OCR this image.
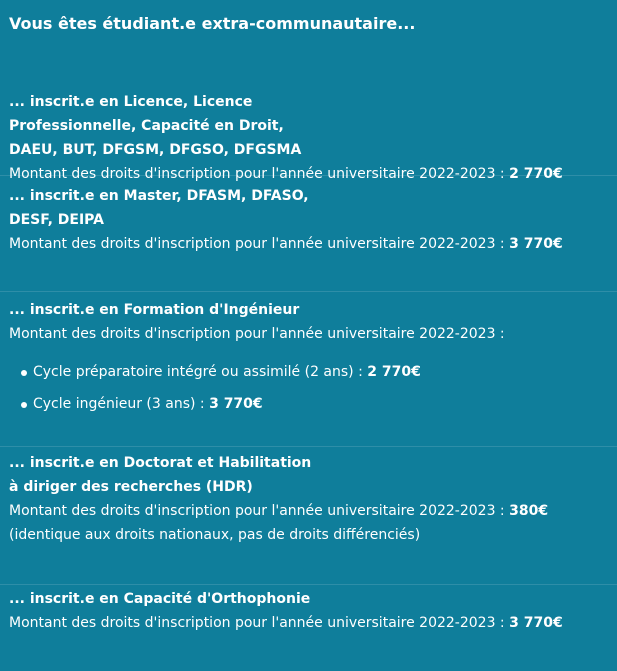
Vous êtes étudiant.e extra-communautaire...

... inscrit.e en Licence, Licence Professionnelle, Capacité en Droit, DAEU, BUT, DFGSM, DFGSO, DFGSMA

Montant des droits d'inscription pour l'année universitaire 2022-2023 : 2 770€

... inscrit.e en Master, DFASM, DFASO, DESF, DEIPA

Montant des droits d'inscription pour l'année universitaire 2022-2023 : 3 770€

... inscrit.e en Formation d'Ingénieur

Montant des droits d'inscription pour l'année universitaire 2022-2023 :

Cycle préparatoire intégré ou assimilé (2 ans) : 2 770€
Cycle ingénieur (3 ans) : 3 770€

... inscrit.e en Doctorat et Habilitation à diriger des recherches (HDR)

Montant des droits d'inscription pour l'année universitaire 2022-2023 : 380€

(identique aux droits nationaux, pas de droits différenciés)

... inscrit.e en Capacité d'Orthophonie

Montant des droits d'inscription pour l'année universitaire 2022-2023 : 3 770€
